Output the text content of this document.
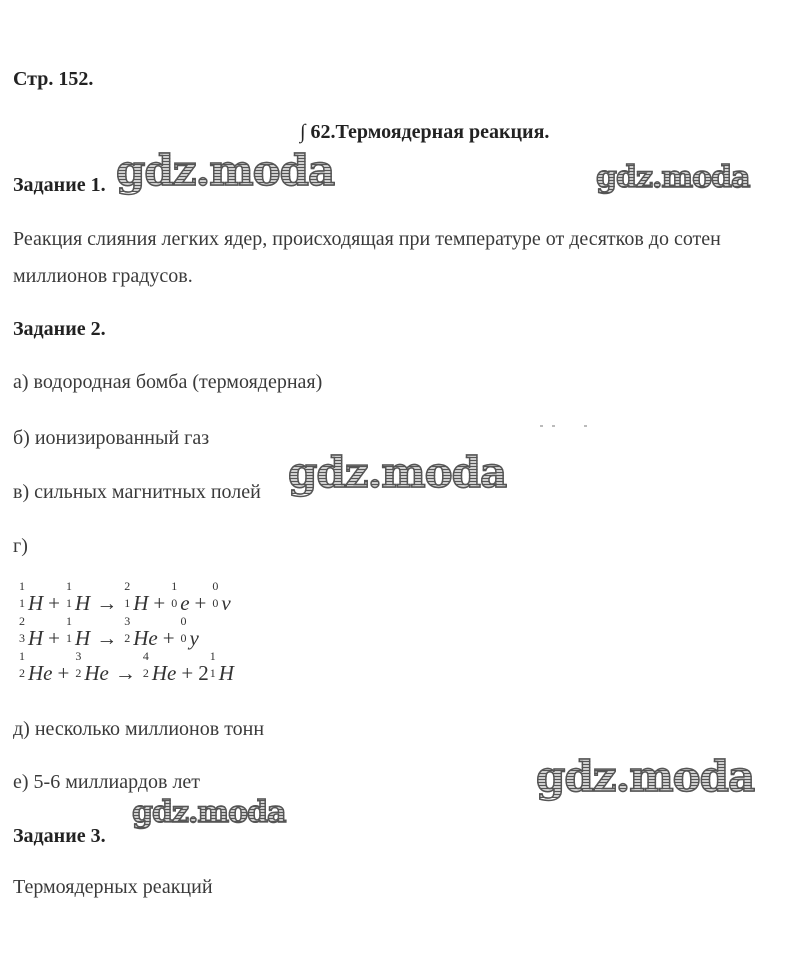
Стр. 152.
∫ 62.Термоядерная реакция.
Задание 1.
Реакция слияния легких ядер, происходящая при температуре от десятков до сотен
миллионов градусов.
Задание 2.
а) водородная бомба (термоядерная)
б) ионизированный газ
в) сильных магнитных полей
г)
1
1 H +
1
1 H →
2
1 H +
1
0 e +
0
0 v
2
3 H +
1
1 H →
3
2 He +
0
0 y
1
2 He +
3
2 He →
4
2 He + 2
1
1 H
д) несколько миллионов тонн
е) 5-6 миллиардов лет
Задание 3.
Термоядерных реакций
gdz.moda	gdz.moda
gdz.moda
gdz.moda
gdz.moda
